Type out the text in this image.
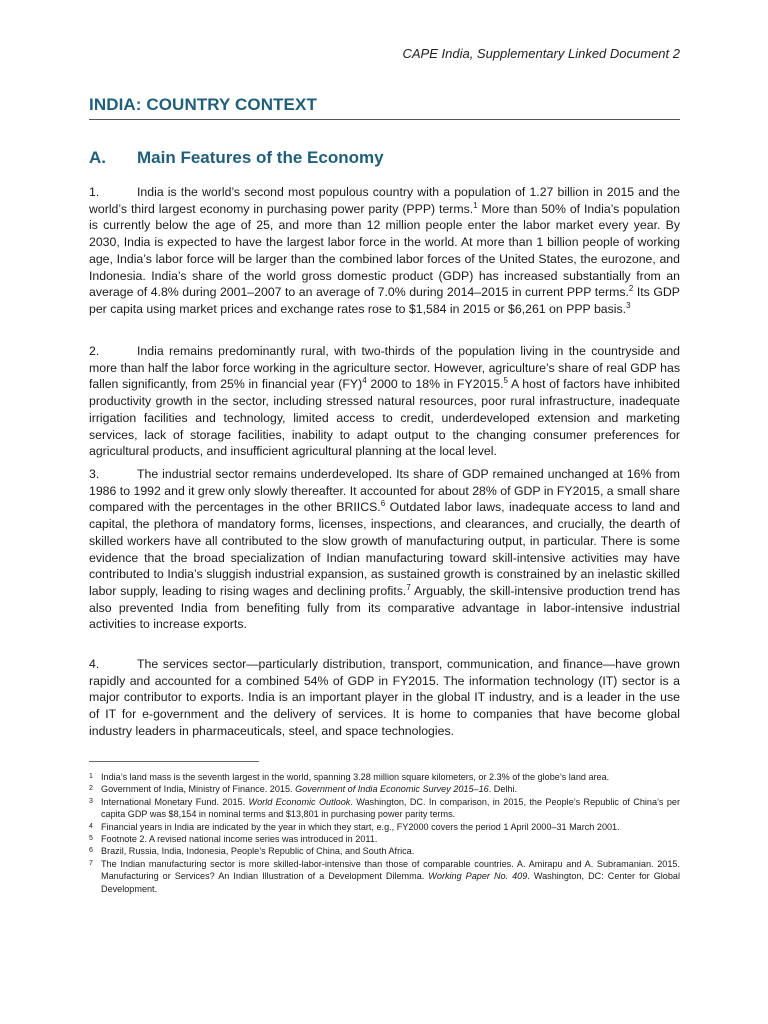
CAPE India, Supplementary Linked Document 2
INDIA: COUNTRY CONTEXT
A. Main Features of the Economy

1.	India is the world’s second most populous country with a population of 1.27 billion in 2015 and the world’s third largest economy in purchasing power parity (PPP) terms.$^1$ More than 50% of India’s population is currently below the age of 25, and more than 12 million people enter the labor market every year. By 2030, India is expected to have the largest labor force in the world. At more than 1 billion people of working age, India’s labor force will be larger than the combined labor forces of the United States, the eurozone, and Indonesia. India’s share of the world gross domestic product (GDP) has increased substantially from an average of 4.8% during 2001–2007 to an average of 7.0% during 2014–2015 in current PPP terms.$^2$ Its GDP per capita using market prices and exchange rates rose to $1,584 in 2015 or $6,261 on PPP basis.$^3$

2.	India remains predominantly rural, with two-thirds of the population living in the countryside and more than half the labor force working in the agriculture sector. However, agriculture’s share of real GDP has fallen significantly, from 25% in financial year (FY)$^4$ 2000 to 18% in FY2015.$^5$ A host of factors have inhibited productivity growth in the sector, including stressed natural resources, poor rural infrastructure, inadequate irrigation facilities and technology, limited access to credit, underdeveloped extension and marketing services, lack of storage facilities, inability to adapt output to the changing consumer preferences for agricultural products, and insufficient agricultural planning at the local level.

3.	The industrial sector remains underdeveloped. Its share of GDP remained unchanged at 16% from 1986 to 1992 and it grew only slowly thereafter. It accounted for about 28% of GDP in FY2015, a small share compared with the percentages in the other BRIICS.$^6$ Outdated labor laws, inadequate access to land and capital, the plethora of mandatory forms, licenses, inspections, and clearances, and crucially, the dearth of skilled workers have all contributed to the slow growth of manufacturing output, in particular. There is some evidence that the broad specialization of Indian manufacturing toward skill-intensive activities may have contributed to India’s sluggish industrial expansion, as sustained growth is constrained by an inelastic skilled labor supply, leading to rising wages and declining profits.$^7$ Arguably, the skill-intensive production trend has also prevented India from benefiting fully from its comparative advantage in labor-intensive industrial activities to increase exports.

4.	The services sector—particularly distribution, transport, communication, and finance—have grown rapidly and accounted for a combined 54% of GDP in FY2015. The information technology (IT) sector is a major contributor to exports. India is an important player in the global IT industry, and is a leader in the use of IT for e-government and the delivery of services. It is home to companies that have become global industry leaders in pharmaceuticals, steel, and space technologies.

1 India’s land mass is the seventh largest in the world, spanning 3.28 million square kilometers, or 2.3% of the globe’s land area.
2 Government of India, Ministry of Finance. 2015. Government of India Economic Survey 2015–16. Delhi.
3 International Monetary Fund. 2015. World Economic Outlook. Washington, DC. In comparison, in 2015, the People’s Republic of China’s per capita GDP was $8,154 in nominal terms and $13,801 in purchasing power parity terms.
4 Financial years in India are indicated by the year in which they start, e.g., FY2000 covers the period 1 April 2000–31 March 2001.
5 Footnote 2. A revised national income series was introduced in 2011.
6 Brazil, Russia, India, Indonesia, People’s Republic of China, and South Africa.
7 The Indian manufacturing sector is more skilled-labor-intensive than those of comparable countries. A. Amirapu and A. Subramanian. 2015. Manufacturing or Services? An Indian Illustration of a Development Dilemma. Working Paper No. 409. Washington, DC: Center for Global Development.
